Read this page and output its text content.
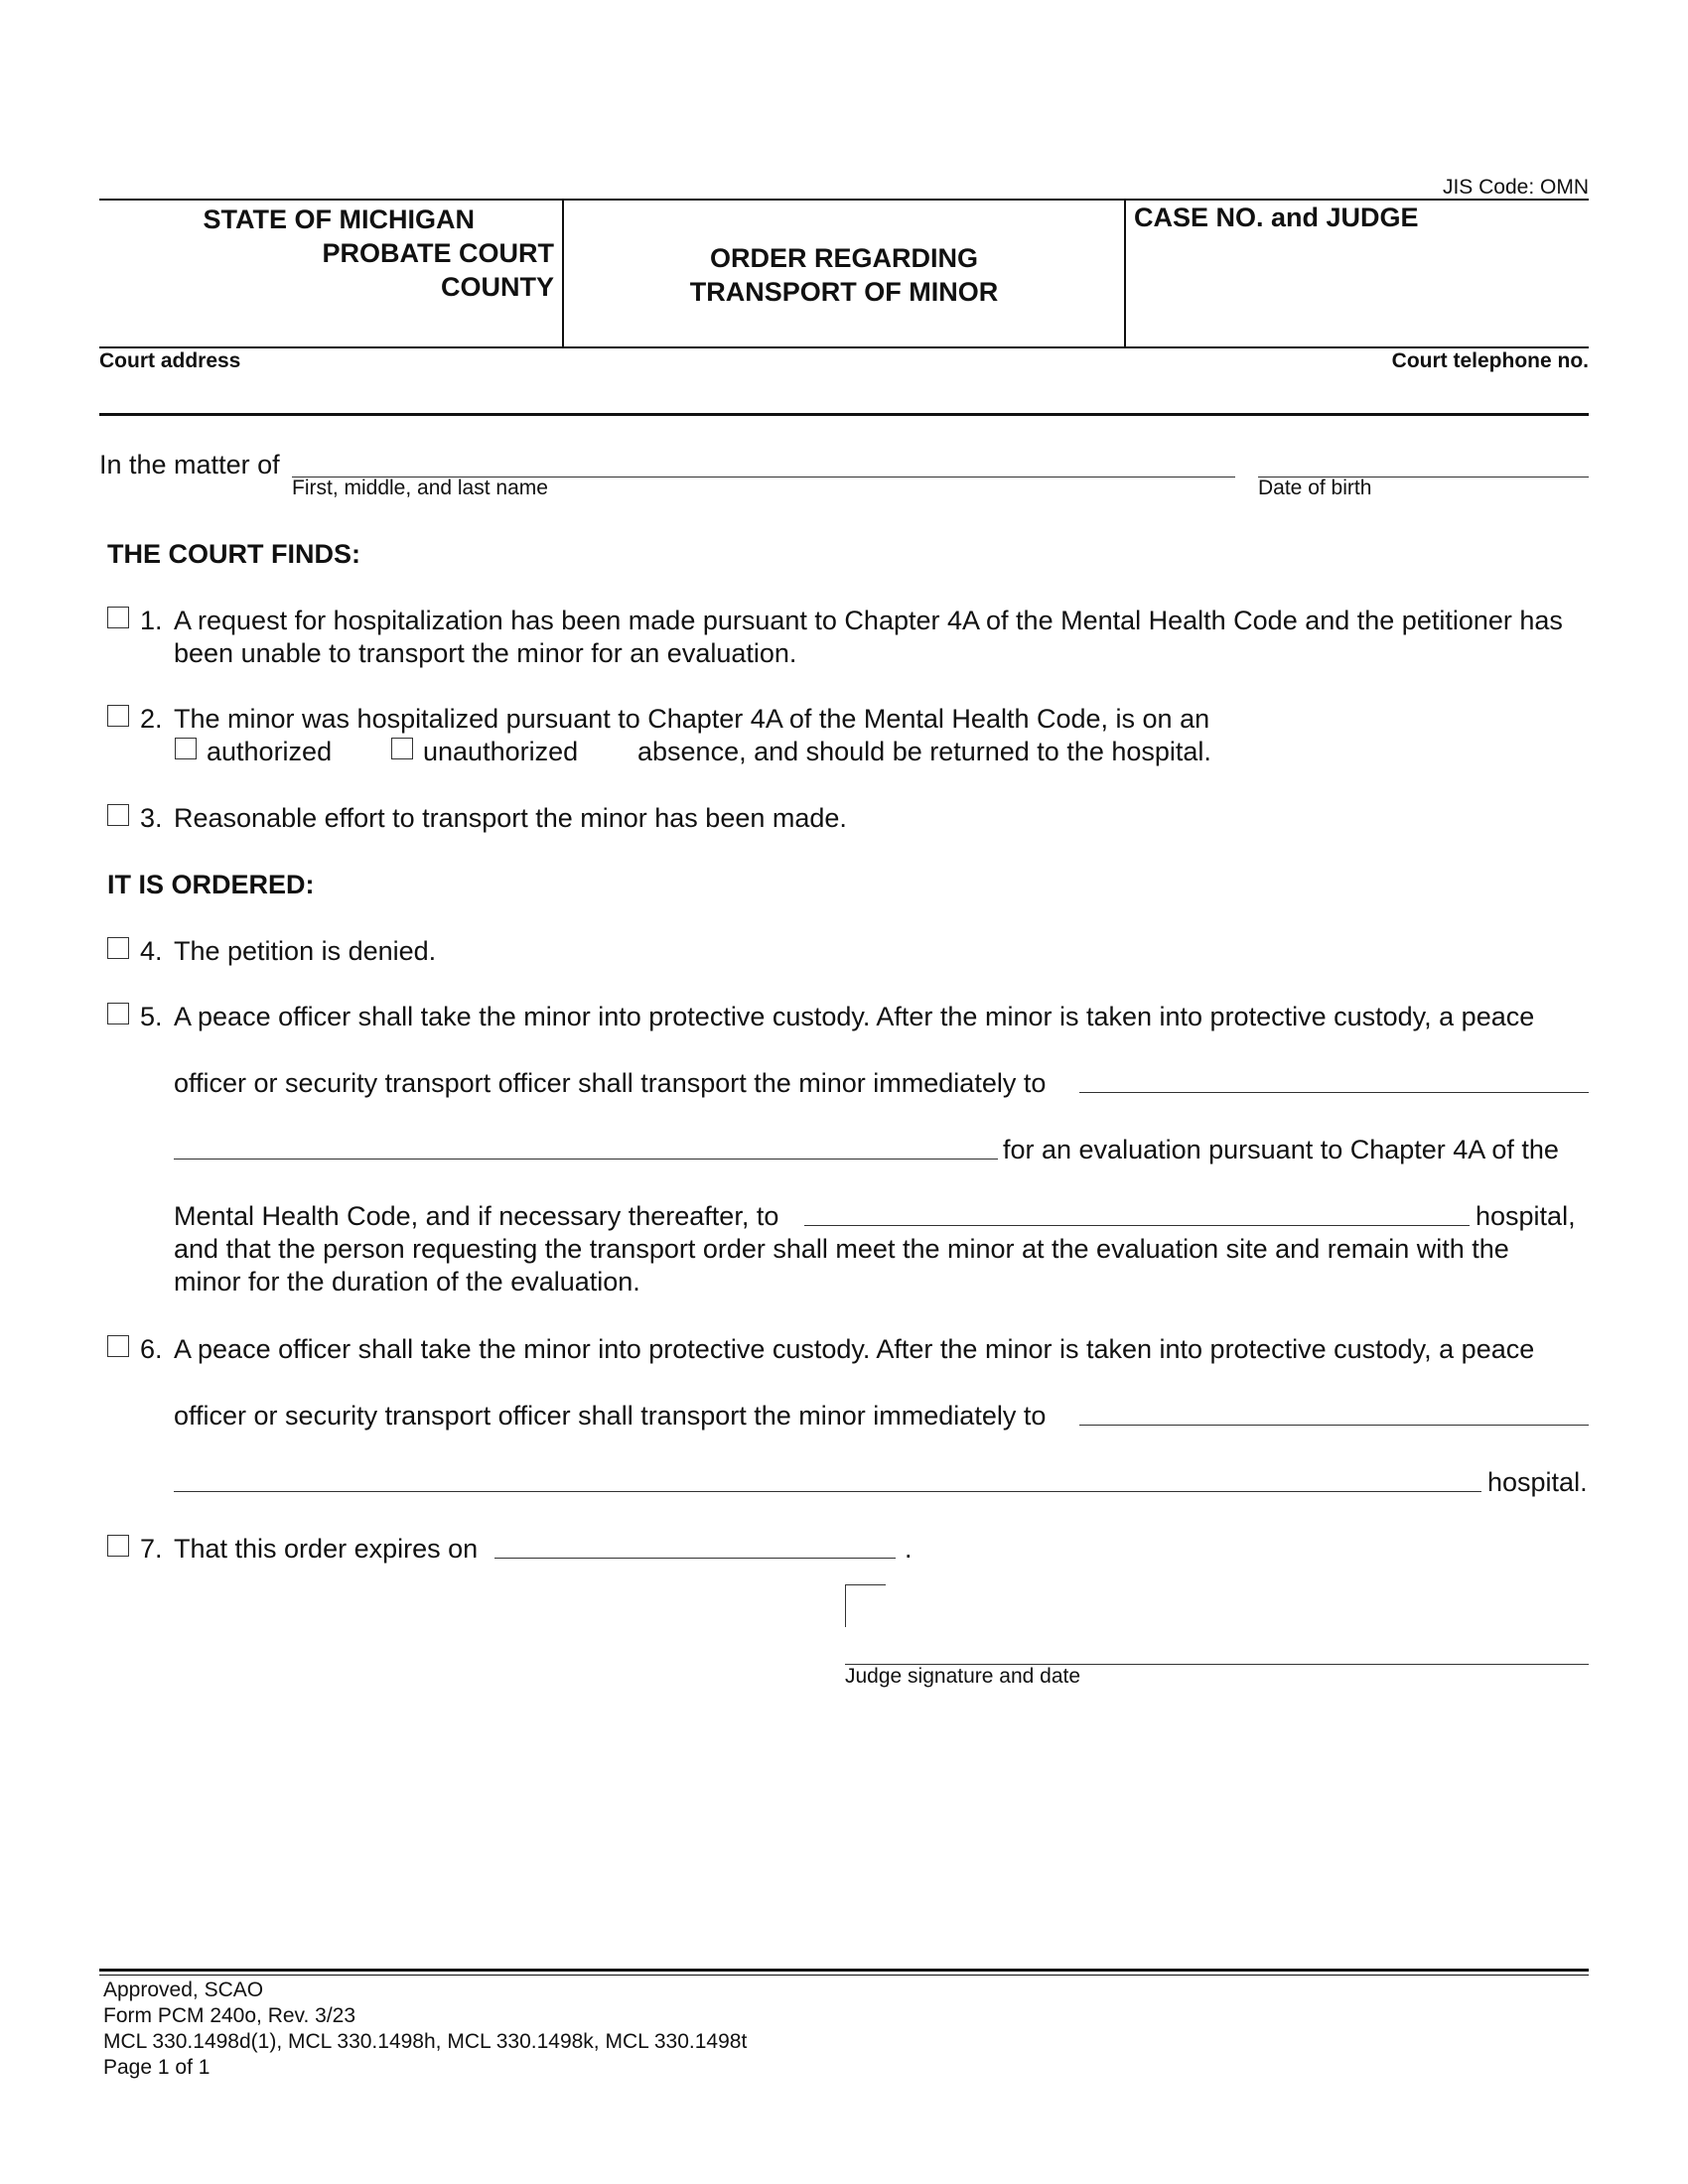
JIS Code: OMN
STATE OF MICHIGAN
PROBATE COURT
COUNTY
ORDER REGARDING
TRANSPORT OF MINOR
CASE NO. and JUDGE
Court address	Court telephone no.
In the matter of
First, middle, and last name	Date of birth
THE COURT FINDS:
1. A request for hospitalization has been made pursuant to Chapter 4A of the Mental Health Code and the petitioner has
been unable to transport the minor for an evaluation.
2. The minor was hospitalized pursuant to Chapter 4A of the Mental Health Code, is on an
authorized	unauthorized absence, and should be returned to the hospital.
3. Reasonable effort to transport the minor has been made.
IT IS ORDERED:
4. The petition is denied.
5. A peace officer shall take the minor into protective custody. After the minor is taken into protective custody, a peace
officer or security transport officer shall transport the minor immediately to
for an evaluation pursuant to Chapter 4A of the
Mental Health Code, and if necessary thereafter, to	hospital,
and that the person requesting the transport order shall meet the minor at the evaluation site and remain with the
minor for the duration of the evaluation.
6. A peace officer shall take the minor into protective custody. After the minor is taken into protective custody, a peace
officer or security transport officer shall transport the minor immediately to
hospital.
7. That this order expires on	.
Judge signature and date
Approved, SCAO
Form PCM 240o, Rev. 3/23
MCL 330.1498d(1), MCL 330.1498h, MCL 330.1498k, MCL 330.1498t
Page 1 of 1
